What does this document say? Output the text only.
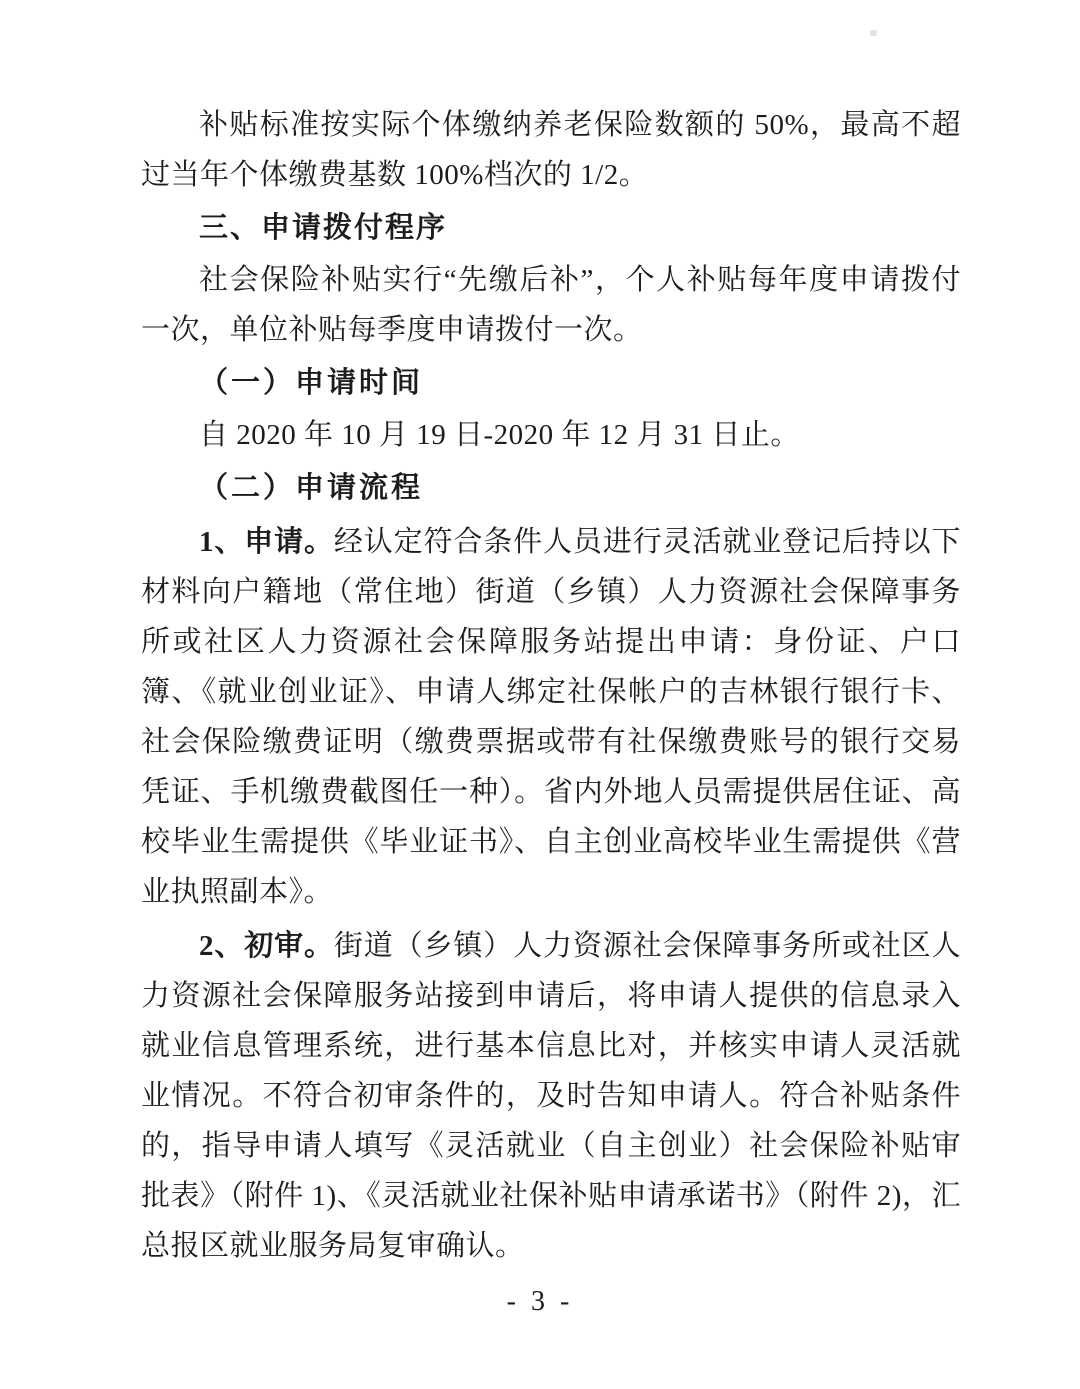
补贴标准按实际个体缴纳养老保险数额的 50%，最高不超过当年个体缴费基数 100%档次的 1/2。

三、申请拨付程序

社会保险补贴实行“先缴后补”，个人补贴每年度申请拨付一次，单位补贴每季度申请拨付一次。

（一）申请时间

自 2020 年 10 月 19 日-2020 年 12 月 31 日止。

（二）申请流程

1、申请。经认定符合条件人员进行灵活就业登记后持以下材料向户籍地（常住地）街道（乡镇）人力资源社会保障事务所或社区人力资源社会保障服务站提出申请：身份证、户口簿、《就业创业证》、申请人绑定社保帐户的吉林银行银行卡、社会保险缴费证明（缴费票据或带有社保缴费账号的银行交易凭证、手机缴费截图任一种）。省内外地人员需提供居住证、高校毕业生需提供《毕业证书》、自主创业高校毕业生需提供《营业执照副本》。

2、初审。街道（乡镇）人力资源社会保障事务所或社区人力资源社会保障服务站接到申请后，将申请人提供的信息录入就业信息管理系统，进行基本信息比对，并核实申请人灵活就业情况。不符合初审条件的，及时告知申请人。符合补贴条件的，指导申请人填写《灵活就业（自主创业）社会保险补贴审批表》（附件 1)、《灵活就业社保补贴申请承诺书》（附件 2)，汇总报区就业服务局复审确认。

- 3 -
